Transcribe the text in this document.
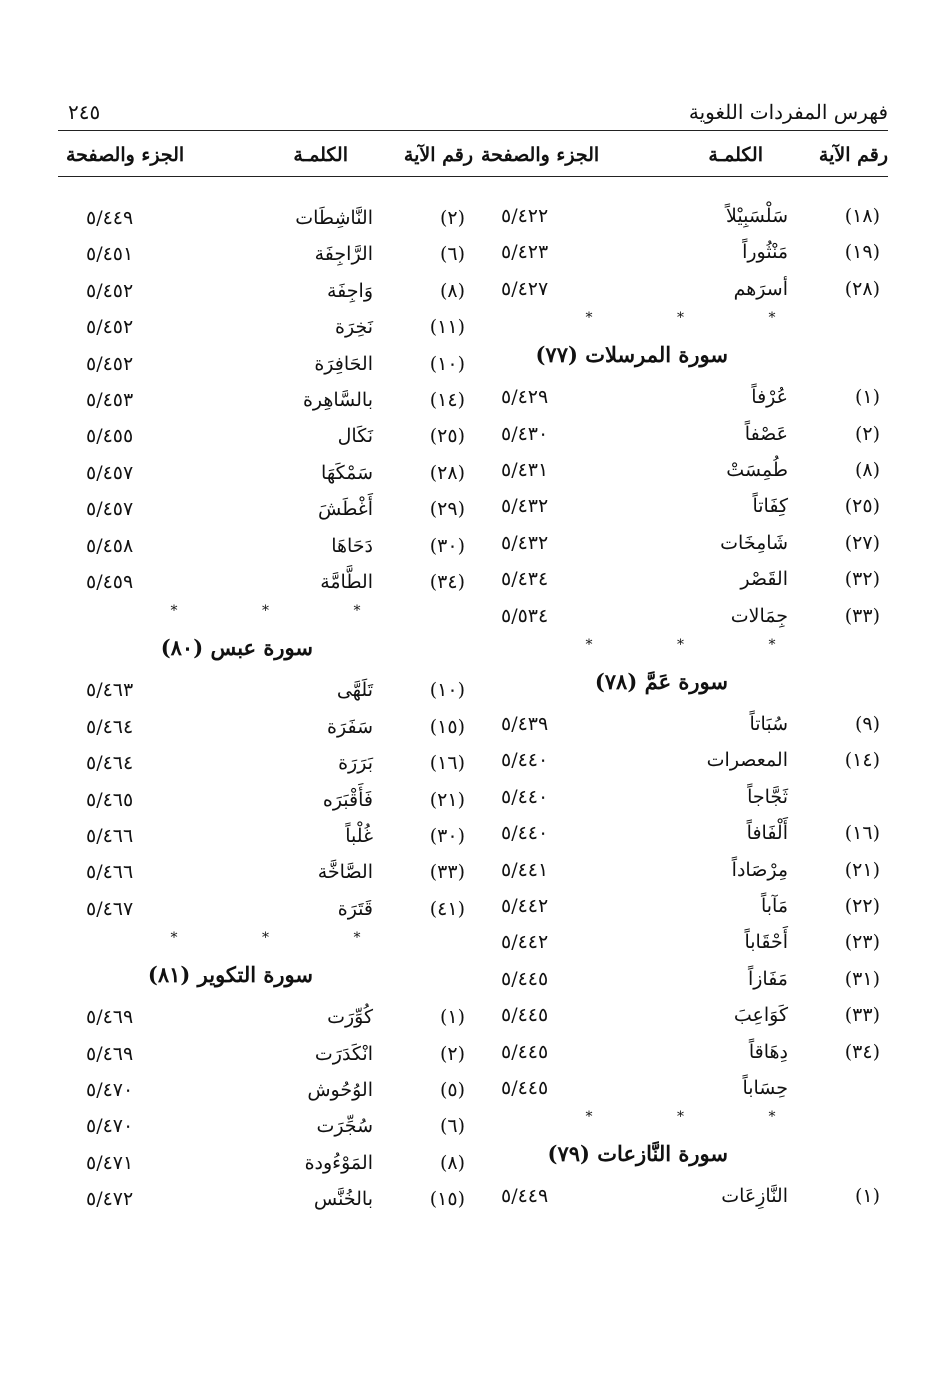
فهرس المفردات اللغوية
٢٤٥
رقم الآية
الكلمـة
الجزء والصفحة
(١٨)
سَلْسَبِيْلاً
٥/٤٢٢
(١٩)
مَنْثُوراً
٥/٤٢٣
(٢٨)
أسرَهم
٥/٤٢٧
* * *
سورة المرسلات (٧٧)
(١)
عُرْفاً
٥/٤٢٩
(٢)
عَصْفاً
٥/٤٣٠
(٨)
طُمِسَتْ
٥/٤٣١
(٢٥)
كِفَاتاً
٥/٤٣٢
(٢٧)
شَامِخَات
٥/٤٣٢
(٣٢)
القَصْر
٥/٤٣٤
(٣٣)
جِمَالات
٥/٥٣٤
* * *
سورة عَمَّ (٧٨)
(٩)
سُبَاتاً
٥/٤٣٩
(١٤)
المعصرات
٥/٤٤٠
ثَجَّاجاً
٥/٤٤٠
(١٦)
أَلْفَافاً
٥/٤٤٠
(٢١)
مِرْصَاداً
٥/٤٤١
(٢٢)
مَآباً
٥/٤٤٢
(٢٣)
أَحْقَاباً
٥/٤٤٢
(٣١)
مَفَازاً
٥/٤٤٥
(٣٣)
كَوَاعِبَ
٥/٤٤٥
(٣٤)
دِهَاقاً
٥/٤٤٥
حِسَاباً
٥/٤٤٥
* * *
سورة النَّازعات (٧٩)
(١)
النَّازِعَات
٥/٤٤٩
رقم الآية
الكلمـة
الجزء والصفحة
(٢)
النَّاشِطَات
٥/٤٤٩
(٦)
الرَّاجِفَة
٥/٤٥١
(٨)
وَاجِفَة
٥/٤٥٢
(١١)
نَخِرَة
٥/٤٥٢
(١٠)
الحَافِرَة
٥/٤٥٢
(١٤)
بالسَّاهِرة
٥/٤٥٣
(٢٥)
نَكَال
٥/٤٥٥
(٢٨)
سَمْكَهَا
٥/٤٥٧
(٢٩)
أَغْطَشَ
٥/٤٥٧
(٣٠)
دَحَاهَا
٥/٤٥٨
(٣٤)
الطَّامَّة
٥/٤٥٩
* * *
سورة عبس (٨٠)
(١٠)
تَلَهَّى
٥/٤٦٣
(١٥)
سَفَرَة
٥/٤٦٤
(١٦)
بَرَرَة
٥/٤٦٤
(٢١)
فَأَقْبَرَه
٥/٤٦٥
(٣٠)
غُلْباً
٥/٤٦٦
(٣٣)
الصَّاخَّة
٥/٤٦٦
(٤١)
قَتَرَة
٥/٤٦٧
* * *
سورة التكوير (٨١)
(١)
كُوِّرَت
٥/٤٦٩
(٢)
انْكَدَرَت
٥/٤٦٩
(٥)
الوُحُوش
٥/٤٧٠
(٦)
سُجِّرَت
٥/٤٧٠
(٨)
المَوْءُودة
٥/٤٧١
(١٥)
بالخُنَّس
٥/٤٧٢
